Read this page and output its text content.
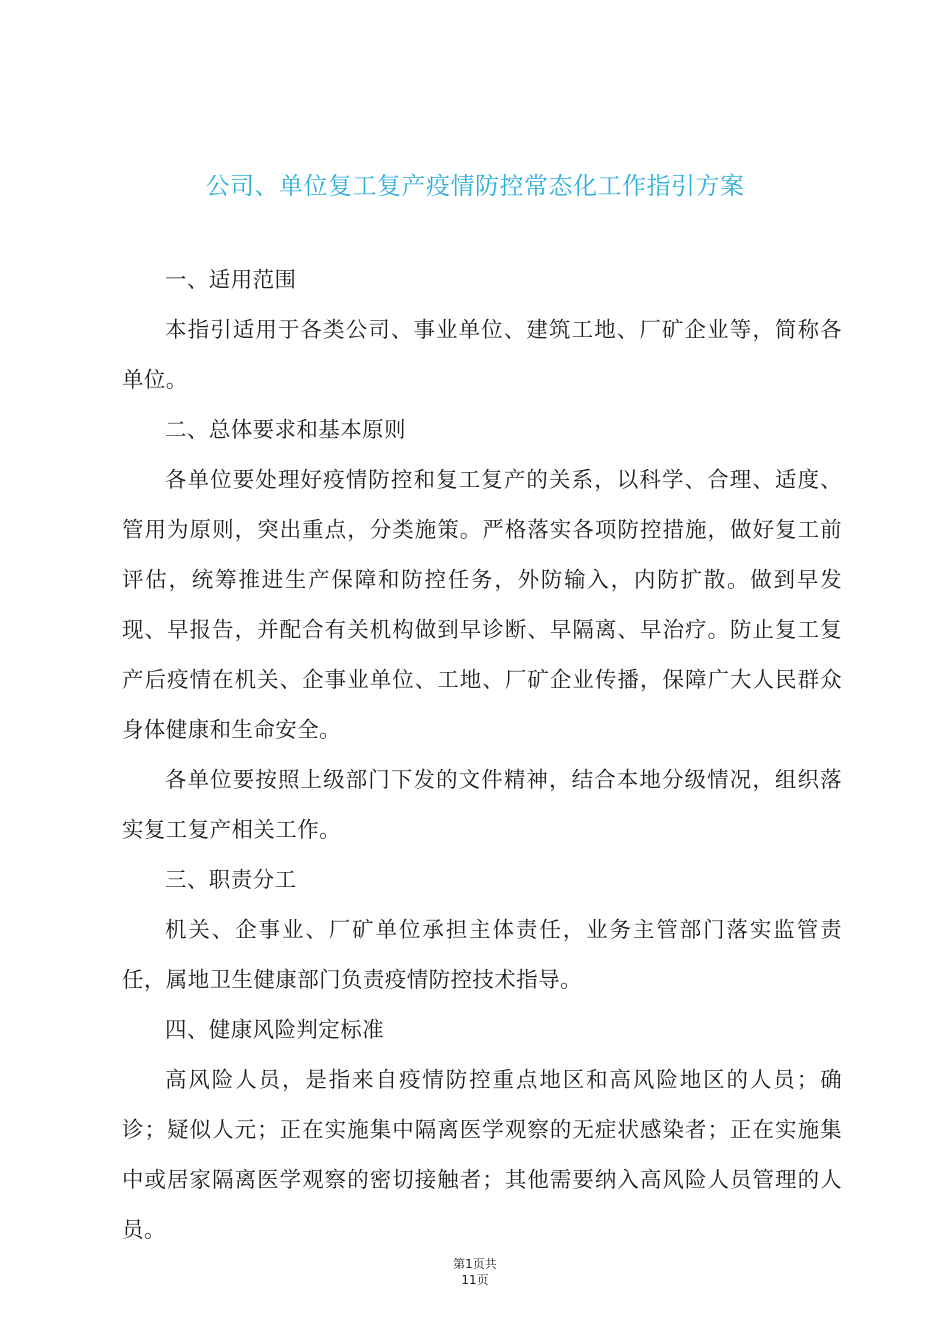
公司、单位复工复产疫情防控常态化工作指引方案

一、适用范围

本指引适用于各类公司、事业单位、建筑工地、厂矿企业等，简称各单位。

二、总体要求和基本原则

各单位要处理好疫情防控和复工复产的关系，以科学、合理、适度、管用为原则，突出重点，分类施策。严格落实各项防控措施，做好复工前评估，统筹推进生产保障和防控任务，外防输入，内防扩散。做到早发现、早报告，并配合有关机构做到早诊断、早隔离、早治疗。防止复工复产后疫情在机关、企事业单位、工地、厂矿企业传播，保障广大人民群众身体健康和生命安全。

各单位要按照上级部门下发的文件精神，结合本地分级情况，组织落实复工复产相关工作。

三、职责分工

机关、企事业、厂矿单位承担主体责任，业务主管部门落实监管责任，属地卫生健康部门负责疫情防控技术指导。

四、健康风险判定标准

高风险人员，是指来自疫情防控重点地区和高风险地区的人员；确诊；疑似人元；正在实施集中隔离医学观察的无症状感染者；正在实施集中或居家隔离医学观察的密切接触者；其他需要纳入高风险人员管理的人员。

第1页共
11页
